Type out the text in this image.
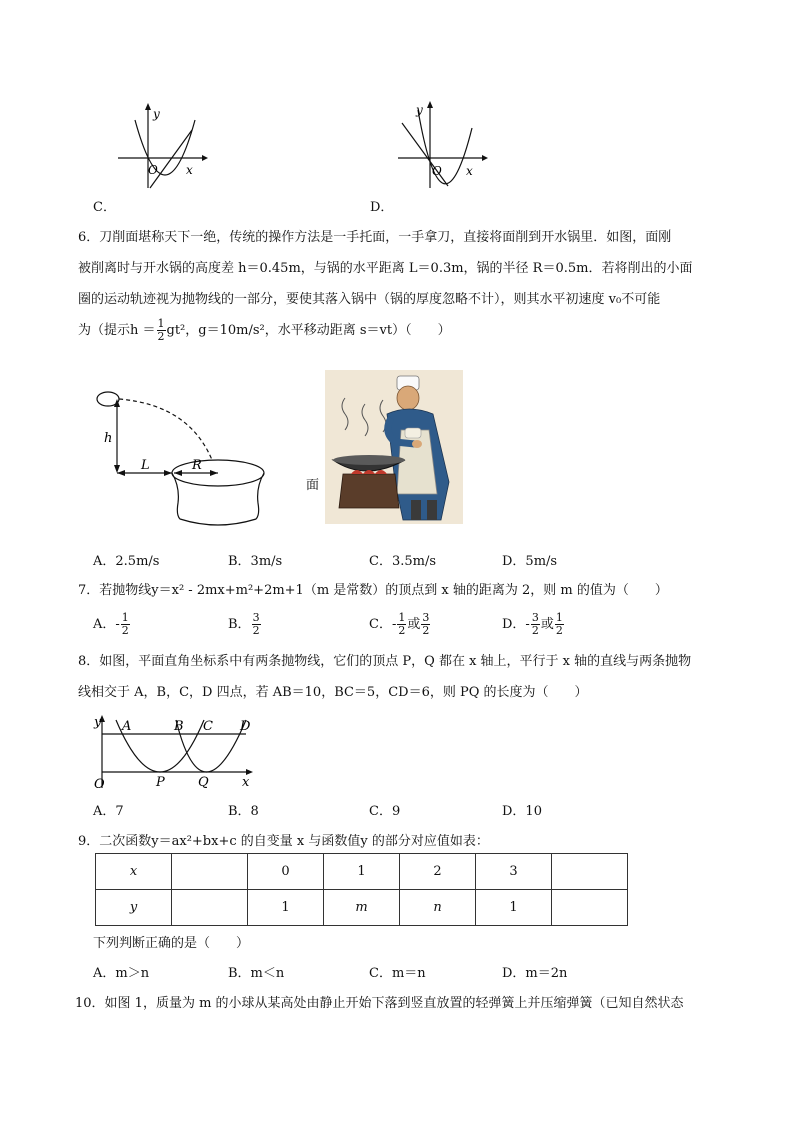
y
O x
C．
y
O x
D．
6．刀削面堪称天下一绝，传统的操作方法是一手托面，一手拿刀，直接将面削到开水锅里．如图，面刚
被削离时与开水锅的高度差 h＝0.45m，与锅的水平距离 L＝0.3m，锅的半径 R＝0.5m．若将削出的小面
圈的运动轨迹视为抛物线的一部分，要使其落入锅中（锅的厚度忽略不计），则其水平初速度 v₀不可能
为（提示$h = \frac{1}{2} gt^2$，g＝10m/s²，水平移动距离 s＝vt）（　　）
h
L	R
面
A．2.5m/s	B．3m/s	C．3.5m/s	D．5m/s
7．若抛物线y＝x² - 2mx+m²+2m+1（m 是常数）的顶点到 x 轴的距离为 2，则 m 的值为（　　）
A．- $\frac{1}{2}$	B． $\frac{3}{2}$	C．- $\frac{1}{2}$ 或 $\frac{3}{2}$	D．- $\frac{3}{2}$ 或 $\frac{1}{2}$
8．如图，平面直角坐标系中有两条抛物线，它们的顶点 P，Q 都在 x 轴上，平行于 x 轴的直线与两条抛物
线相交于 A，B，C，D 四点，若 AB＝10，BC＝5，CD＝6，则 PQ 的长度为（　　）
y A	B C D
O	P	Q	x
A．7	B．8	C．9	D．10
9．二次函数y＝ax²+bx+c 的自变量 x 与函数值y 的部分对应值如表：
x		0	1	2	3	
y		1	m	n	1	
下列判断正确的是（　　）
A．m＞n	B．m＜n	C．m＝n	D．m＝2n
10．如图 1，质量为 m 的小球从某高处由静止开始下落到竖直放置的轻弹簧上并压缩弹簧（已知自然状态
